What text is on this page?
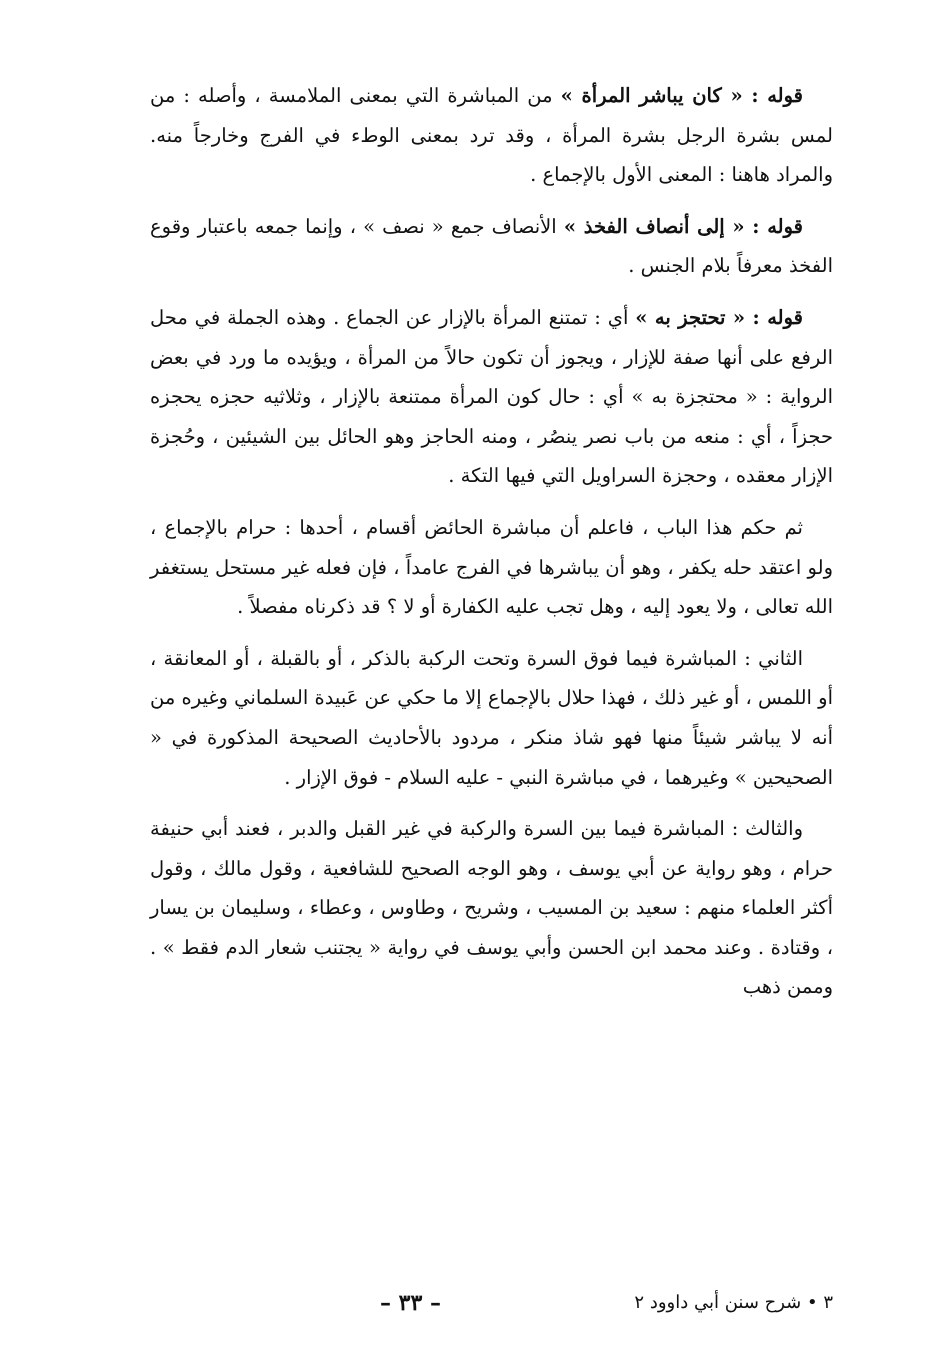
قوله : « كان يباشر المرأة » من المباشرة التي بمعنى الملامسة ، وأصله : من لمس بشرة الرجل بشرة المرأة ، وقد ترد بمعنى الوطء في الفرج وخارجاً منه. والمراد هاهنا : المعنى الأول بالإجماع .

قوله : « إلى أنصاف الفخذ » الأنصاف جمع « نصف » ، وإنما جمعه باعتبار وقوع الفخذ معرفاً بلام الجنس .

قوله : « تحتجز به » أي : تمتنع المرأة بالإزار عن الجماع . وهذه الجملة في محل الرفع على أنها صفة للإزار ، ويجوز أن تكون حالاً من المرأة ، ويؤيده ما ورد في بعض الرواية : « محتجزة به » أي : حال كون المرأة ممتنعة بالإزار ، وثلاثيه حجزه يحجزه حجزاً ، أي : منعه من باب نصر ينصُر ، ومنه الحاجز وهو الحائل بين الشيئين ، وحُجزة الإزار معقده ، وحجزة السراويل التي فيها التكة .

ثم حكم هذا الباب ، فاعلم أن مباشرة الحائض أقسام ، أحدها : حرام بالإجماع ، ولو اعتقد حله يكفر ، وهو أن يباشرها في الفرج عامداً ، فإن فعله غير مستحل يستغفر الله تعالى ، ولا يعود إليه ، وهل تجب عليه الكفارة أو لا ؟ قد ذكرناه مفصلاً .

الثاني : المباشرة فيما فوق السرة وتحت الركبة بالذكر ، أو بالقبلة ، أو المعانقة ، أو اللمس ، أو غير ذلك ، فهذا حلال بالإجماع إلا ما حكي عن عَبيدة السلماني وغيره من أنه لا يباشر شيئاً منها فهو شاذ منكر ، مردود بالأحاديث الصحيحة المذكورة في « الصحيحين » وغيرهما ، في مباشرة النبي - عليه السلام - فوق الإزار .

والثالث : المباشرة فيما بين السرة والركبة في غير القبل والدبر ، فعند أبي حنيفة حرام ، وهو رواية عن أبي يوسف ، وهو الوجه الصحيح للشافعية ، وقول مالك ، وقول أكثر العلماء منهم : سعيد بن المسيب ، وشريح ، وطاوس ، وعطاء ، وسليمان بن يسار ، وقتادة . وعند محمد ابن الحسن وأبي يوسف في رواية « يجتنب شعار الدم فقط » . وممن ذهب

٣ • شرح سنن أبي داوود ٢
– ٣٣ –
